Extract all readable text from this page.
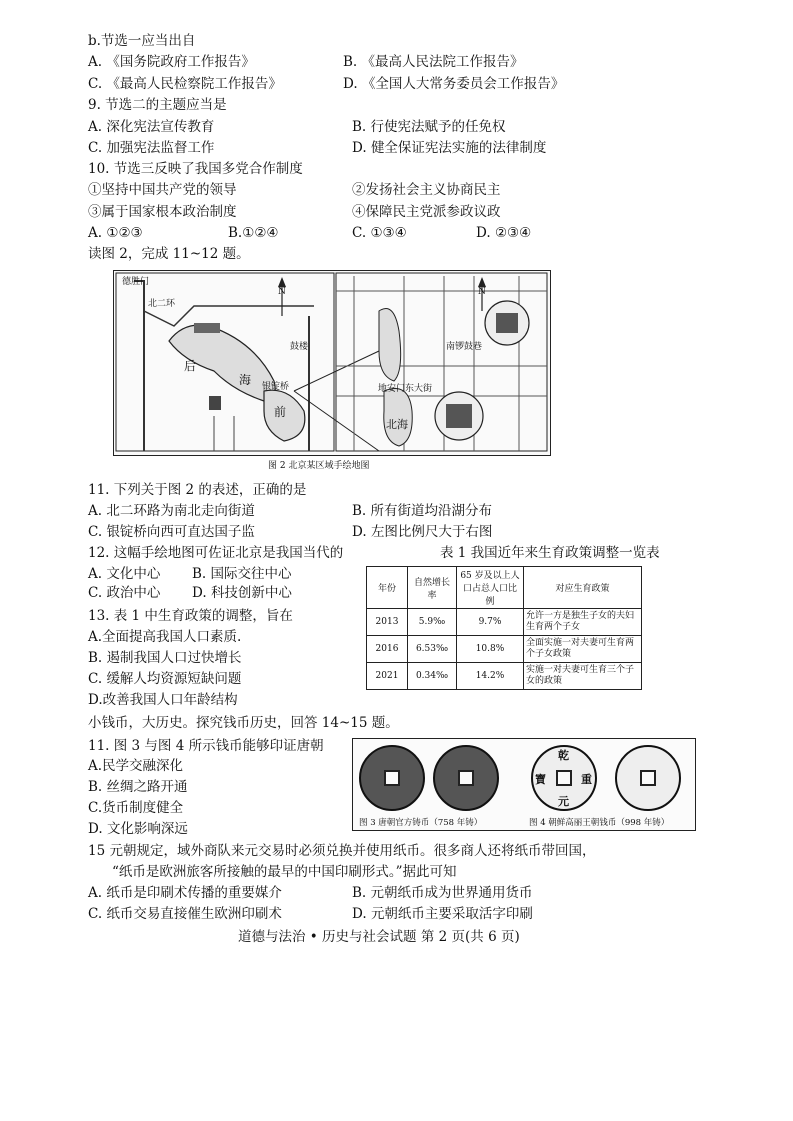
b.节选一应当出自
A. 《国务院政府工作报告》	B. 《最高人民法院工作报告》
C. 《最高人民检察院工作报告》	D. 《全国人大常务委员会工作报告》
9. 节选二的主题应当是
A. 深化宪法宣传教育	B. 行使宪法赋予的任免权
C. 加强宪法监督工作	D. 健全保证宪法实施的法律制度
10. 节选三反映了我国多党合作制度
①坚持中国共产党的领导	②发扬社会主义协商民主
③属于国家根本政治制度	④保障民主党派参政议政
A. ①②③	B.①②④	C. ①③④	D. ②③④
读图 2，完成 11~12 题。
德胜门
后
海
前
银锭桥
北二环
鼓楼	南锣鼓巷
地安门东大街
北海
N	N
图 2 北京某区域手绘地图
11. 下列关于图 2 的表述，正确的是
A. 北二环路为南北走向街道	B. 所有街道均沿湖分布
C. 银锭桥向西可直达国子监	D. 左图比例尺大于右图
12. 这幅手绘地图可佐证北京是我国当代的	表 1 我国近年来生育政策调整一览表
A. 文化中心 B. 国际交往中心
C. 政治中心 D. 科技创新中心	年份	自然增长率	65 岁及以上人口占总人口比例	对应生育政策
2013	5.9‰	9.7%	允许一方是独生子女的夫妇生育两个子女
2016	6.53‰	10.8%	全面实施一对夫妻可生育两个子女政策
2021	0.34‰	14.2%	实施一对夫妻可生育三个子女的政策
13. 表 1 中生育政策的调整，旨在
A.全面提高我国人口素质.
B. 遏制我国人口过快增长
C. 缓解人均资源短缺问题
D.改善我国人口年龄结构
小钱币，大历史。探究钱币历史，回答 14~15 题。
11. 图 3 与图 4 所示钱币能够印证唐朝
A.民学交融深化
B. 丝绸之路开通
C.货币制度健全
D. 文化影响深远
乾
重
元
寶
图 3 唐朝官方铸币（758 年铸）	图 4 朝鲜高丽王朝钱币（998 年铸）
15 元朝规定，域外商队来元交易时必须兑换并使用纸币。很多商人还将纸币带回国，
“纸币是欧洲旅客所接触的最早的中国印刷形式。”据此可知
A. 纸币是印刷术传播的重要媒介	B. 元朝纸币成为世界通用货币
C. 纸币交易直接催生欧洲印刷术	D. 元朝纸币主要采取活字印刷
道德与法治 • 历史与社会试题 第 2 页(共 6 页)
